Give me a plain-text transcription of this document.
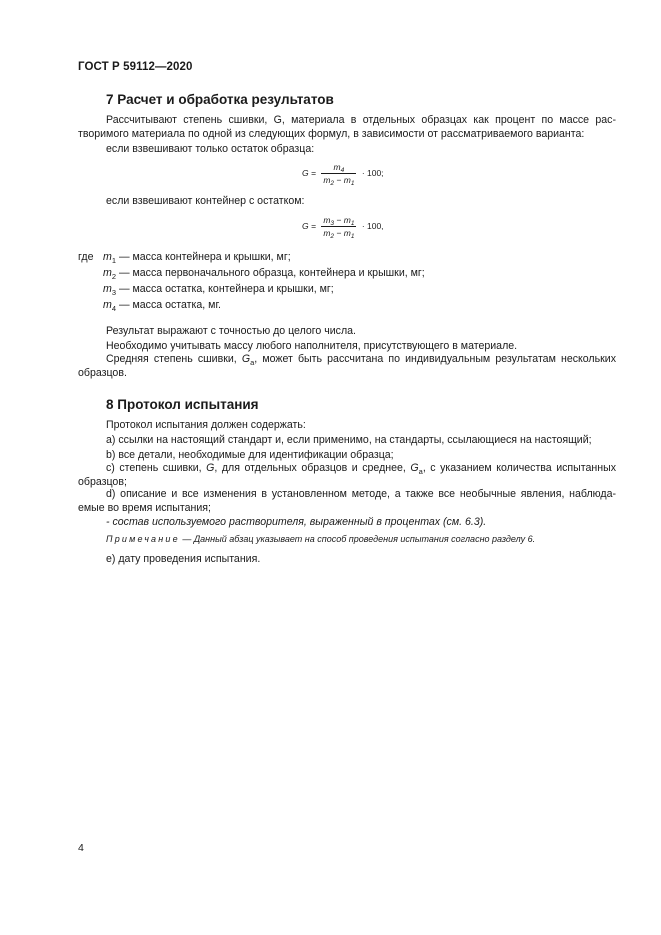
ГОСТ Р 59112—2020
7 Расчет и обработка результатов
Рассчитывают степень сшивки, G, материала в отдельных образцах как процент по массе рас-
творимого материала по одной из следующих формул, в зависимости от рассматриваемого варианта:
если взвешивают только остаток образца:
$G = \frac{m_4}{m_2 - m_1} \cdot 100$;
если взвешивают контейнер с остатком:
$G = \frac{m_3 - m_1}{m_2 - m_1} \cdot 100$,
где $m_1$ — масса контейнера и крышки, мг;
$m_2$ — масса первоначального образца, контейнера и крышки, мг;
$m_3$ — масса остатка, контейнера и крышки, мг;
$m_4$ — масса остатка, мг.
Результат выражают с точностью до целого числа.
Необходимо учитывать массу любого наполнителя, присутствующего в материале.
Средняя степень сшивки, $G_a$, может быть рассчитана по индивидуальным результатам нескольких
образцов.
8 Протокол испытания
Протокол испытания должен содержать:
a) ссылки на настоящий стандарт и, если применимо, на стандарты, ссылающиеся на настоящий;
b) все детали, необходимые для идентификации образца;
c) степень сшивки, G, для отдельных образцов и среднее, $G_a$, с указанием количества испытанных
образцов;
d) описание и все изменения в установленном методе, а также все необычные явления, наблюда-
емые во время испытания;
- состав используемого растворителя, выраженный в процентах (см. 6.3).
Примечание — Данный абзац указывает на способ проведения испытания согласно разделу 6.
e) дату проведения испытания.
4
